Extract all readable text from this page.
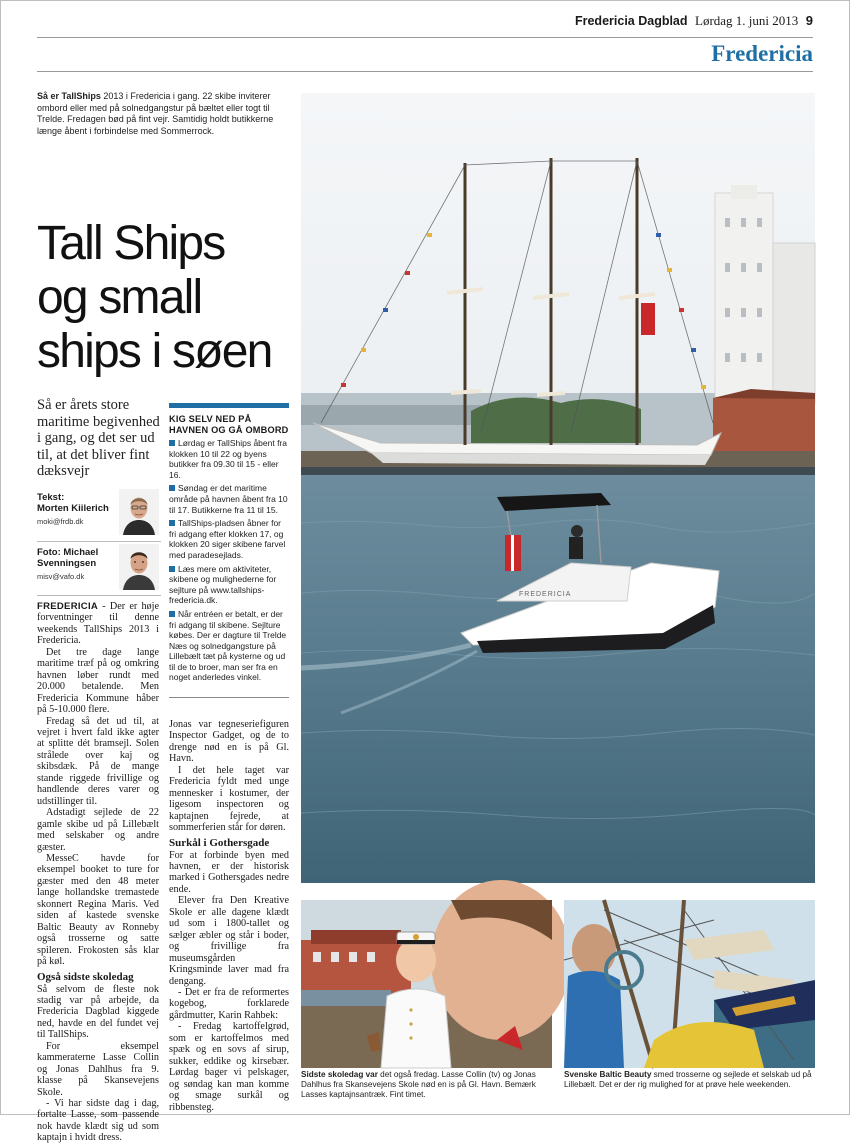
Fredericia Dagblad Lørdag 1. juni 2013 9
Fredericia
Så er TallShips 2013 i Fredericia i gang. 22 skibe inviterer ombord eller med på solnedgangstur på bæltet eller togt til Trelde. Fredagen bød på fint vejr. Samtidig holdt butikkerne længe åbent i forbindelse med Sommerrock.
Tall Ships
og small
ships i søen
Så er årets store maritime begivenhed i gang, og det ser ud til, at det bliver fint dæksvejr
Tekst:
Morten Kiilerich
moki@frdb.dk
Foto: Michael
Svenningsen
misv@vafo.dk
KIG SELV NED PÅ HAVNEN OG GÅ OMBORD
Lørdag er TallShips åbent fra klokken 10 til 22 og byens butikker fra 09.30 til 15 - eller 16.
Søndag er det maritime område på havnen åbent fra 10 til 17. Butikkerne fra 11 til 15.
TallShips-pladsen åbner for fri adgang efter klokken 17, og klokken 20 siger skibene farvel med paradesejlads.
Læs mere om aktiviteter, skibene og mulighederne for sejlture på www.tallships-fredericia.dk.
Når entréen er betalt, er der fri adgang til skibene. Sejlture købes. Der er dagture til Trelde Næs og solnedgangsture på Lillebælt tæt på kysterne og ud til de to broer, man ser fra en noget anderledes vinkel.

FREDERICIA - Der er høje forventninger til denne weekends TallShips 2013 i Fredericia.

Det tre dage lange maritime træf på og omkring havnen løber rundt med 20.000 betalende. Men Fredericia Kommune håber på 5-10.000 flere.

Fredag så det ud til, at vejret i hvert fald ikke agter at splitte dét bramsejl. Solen strålede over kaj og skibsdæk. På de mange stande riggede frivillige og handlende deres varer og udstillinger til.

Adstadigt sejlede de 22 gamle skibe ud på Lillebælt med selskaber og andre gæster.

MesseC havde for eksempel booket to ture for gæster med den 48 meter lange hollandske tremastede skonnert Regina Maris. Ved siden af kastede svenske Baltic Beauty av Ronneby også trosserne og satte spileren. Frokosten sås klar på køl.

Også sidste skoledag

Så selvom de fleste nok stadig var på arbejde, da Fredericia Dagblad kiggede ned, havde en del fundet vej til TallShips.

For eksempel kammeraterne Lasse Collin og Jonas Dahlhus fra 9. klasse på Skansevejens Skole.

- Vi har sidste dag i dag, fortalte Lasse, som passende nok havde klædt sig ud som kaptajn i hvidt dress.

Jonas var tegneseriefiguren Inspector Gadget, og de to drenge nød en is på Gl. Havn.

I det hele taget var Fredericia fyldt med unge mennesker i kostumer, der ligesom inspectoren og kaptajnen fejrede, at sommerferien står for døren.

Surkål i Gothersgade

For at forbinde byen med havnen, er der historisk marked i Gothersgades nedre ende.

Elever fra Den Kreative Skole er alle dagene klædt ud som i 1800-tallet og sælger æbler og står i boder, og frivillige fra museumsgården Kringsminde laver mad fra dengang.

- Det er fra de reformertes kogebog, forklarede gårdmutter, Karin Rahbek:

- Fredag kartoffelgrød, som er kartoffelmos med spæk og en sovs af sirup, sukker, eddike og kirsebær. Lørdag bager vi pelskager, og søndag kan man komme og smage surkål og ribbensteg.

FREDERICIA
Sidste skoledag var det også fredag. Lasse Collin (tv) og Jonas Dahlhus fra Skansevejens Skole nød en is på Gl. Havn. Bemærk Lasses kaptajnsantræk. Fint timet.
Svenske Baltic Beauty smed trosserne og sejlede et selskab ud på Lillebælt. Det er der rig mulighed for at prøve hele weekenden.
